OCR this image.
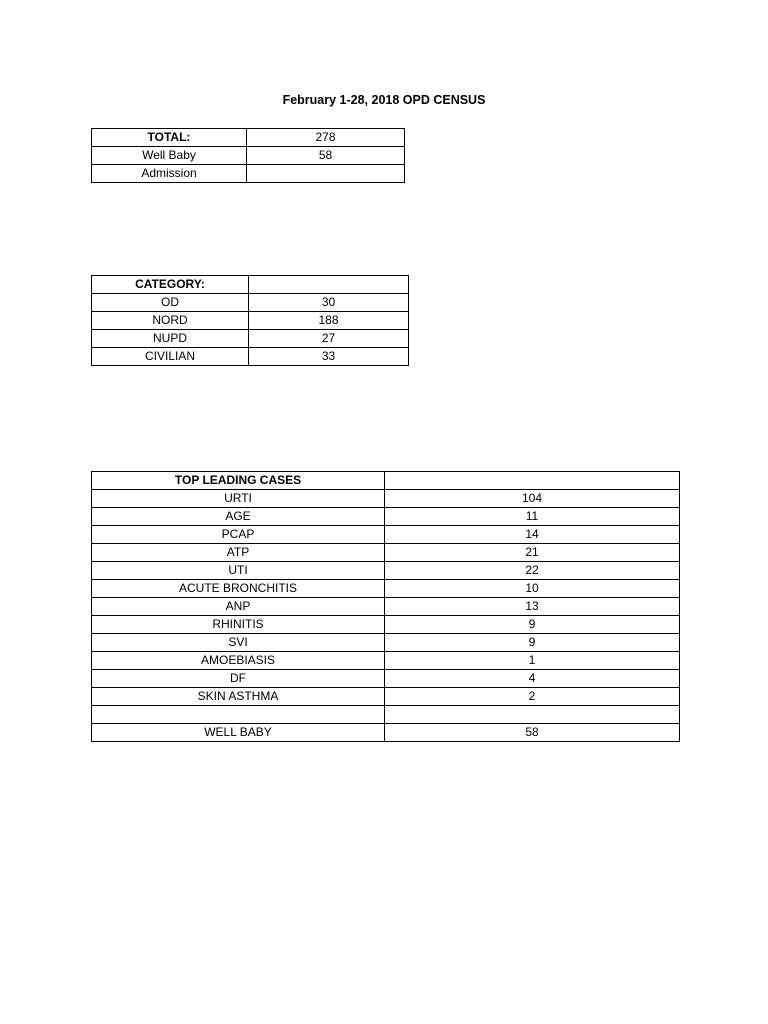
February 1-28, 2018 OPD CENSUS
TOTAL:	278
Well Baby	58
Admission	
CATEGORY:	
OD	30
NORD	188
NUPD	27
CIVILIAN	33
TOP LEADING CASES	
URTI	104
AGE	11
PCAP	14
ATP	21
UTI	22
ACUTE BRONCHITIS	10
ANP	13
RHINITIS	9
SVI	9
AMOEBIASIS	1
DF	4
SKIN ASTHMA	2

WELL BABY	58
